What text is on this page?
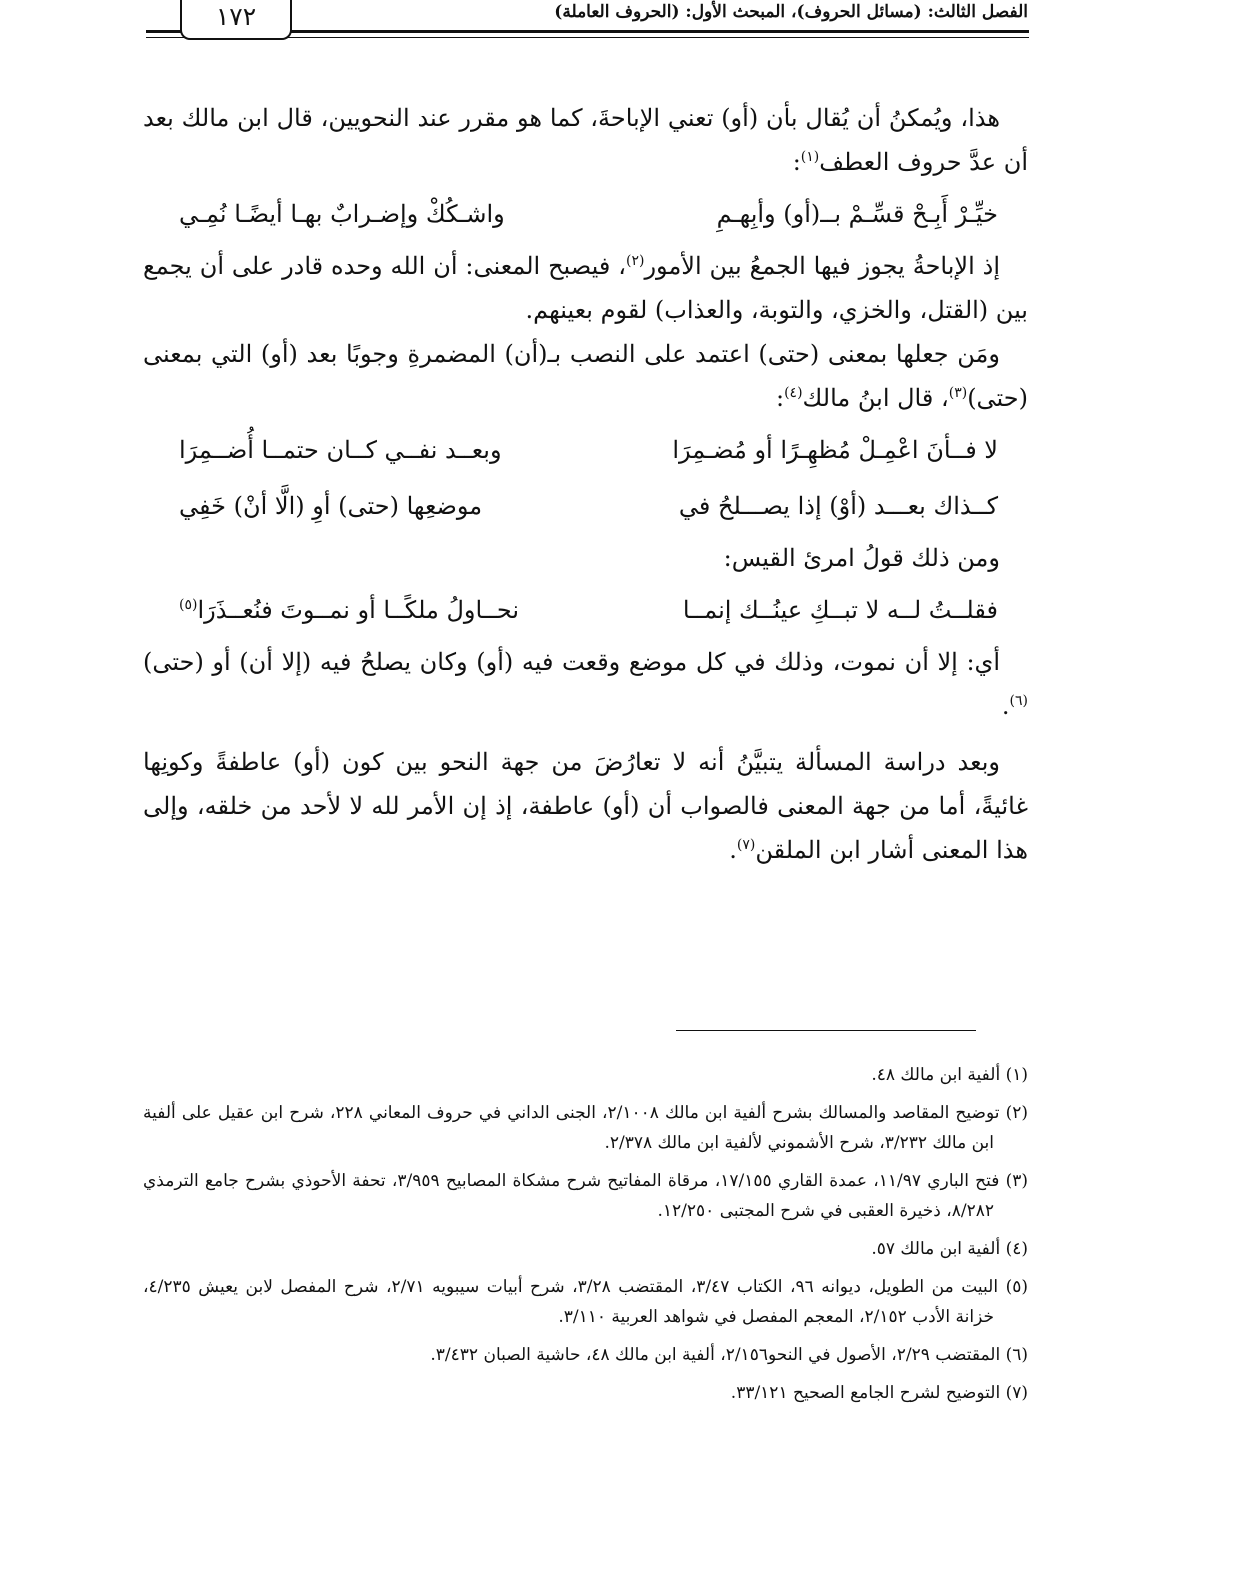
١٧٢	الفصل الثالث: (مسائل الحروف)، المبحث الأول: (الحروف العاملة)

هذا، ويُمكنُ أن يُقال بأن (أو) تعني الإباحةَ، كما هو مقرر عند النحويين، قال ابن مالك بعد أن عدَّ حروف العطف$^{(١)}$:

خيِّـرْ أَبِـحْ قسِّـمْ بــ(أو) وأبِهـمِ
واشـكُكْ وإضـرابٌ بهـا أيضًـا نُمِـي

إذ الإباحةُ يجوز فيها الجمعُ بين الأمور$^{(٢)}$، فيصبح المعنى: أن الله وحده قادر على أن يجمع بين (القتل، والخزي، والتوبة، والعذاب) لقوم بعينهم.

ومَن جعلها بمعنى (حتى) اعتمد على النصب بـ(أن) المضمرةِ وجوبًا بعد (أو) التي بمعنى (حتى)$^{(٣)}$، قال ابنُ مالك$^{(٤)}$:

لا فــأنَ اعْمِـلْ مُظهِـرًا أو مُضـمِرَا
وبعــد نفــي كــان حتمــا أُضــمِرَا
كــذاك بعـــد (أوْ) إذا يصـــلحُ في
موضعِها (حتى) أوِ (الَّا أنْ) خَفِي

ومن ذلك قولُ امرئ القيس:

فقلــتُ لــه لا تبــكِ عينُــك إنمــا
نحــاولُ ملكًــا أو نمــوتَ فنُعــذَرَا$^{(٥)}$

أي: إلا أن نموت، وذلك في كل موضع وقعت فيه (أو) وكان يصلحُ فيه (إلا أن) أو (حتى)$^{(٦)}$.

وبعد دراسة المسألة يتبيَّنُ أنه لا تعارُضَ من جهة النحو بين كون (أو) عاطفةً وكونِها غائيةً، أما من جهة المعنى فالصواب أن (أو) عاطفة، إذ إن الأمر لله لا لأحد من خلقه، وإلى هذا المعنى أشار ابن الملقن$^{(٧)}$.

(١) ألفية ابن مالك ٤٨.

(٢) توضيح المقاصد والمسالك بشرح ألفية ابن مالك ٢/١٠٠٨، الجنى الداني في حروف المعاني ٢٢٨، شرح ابن عقيل على ألفية ابن مالك ٣/٢٣٢، شرح الأشموني لألفية ابن مالك ٢/٣٧٨.

(٣) فتح الباري ١١/٩٧، عمدة القاري ١٧/١٥٥، مرقاة المفاتيح شرح مشكاة المصابيح ٣/٩٥٩، تحفة الأحوذي بشرح جامع الترمذي ٨/٢٨٢، ذخيرة العقبى في شرح المجتبى ١٢/٢٥٠.

(٤) ألفية ابن مالك ٥٧.

(٥) البيت من الطويل، ديوانه ٩٦، الكتاب ٣/٤٧، المقتضب ٣/٢٨، شرح أبيات سيبويه ٢/٧١، شرح المفصل لابن يعيش ٤/٢٣٥، خزانة الأدب ٢/١٥٢، المعجم المفصل في شواهد العربية ٣/١١٠.

(٦) المقتضب ٢/٢٩، الأصول في النحو٢/١٥٦، ألفية ابن مالك ٤٨، حاشية الصبان ٣/٤٣٢.

(٧) التوضيح لشرح الجامع الصحيح ٣٣/١٢١.
